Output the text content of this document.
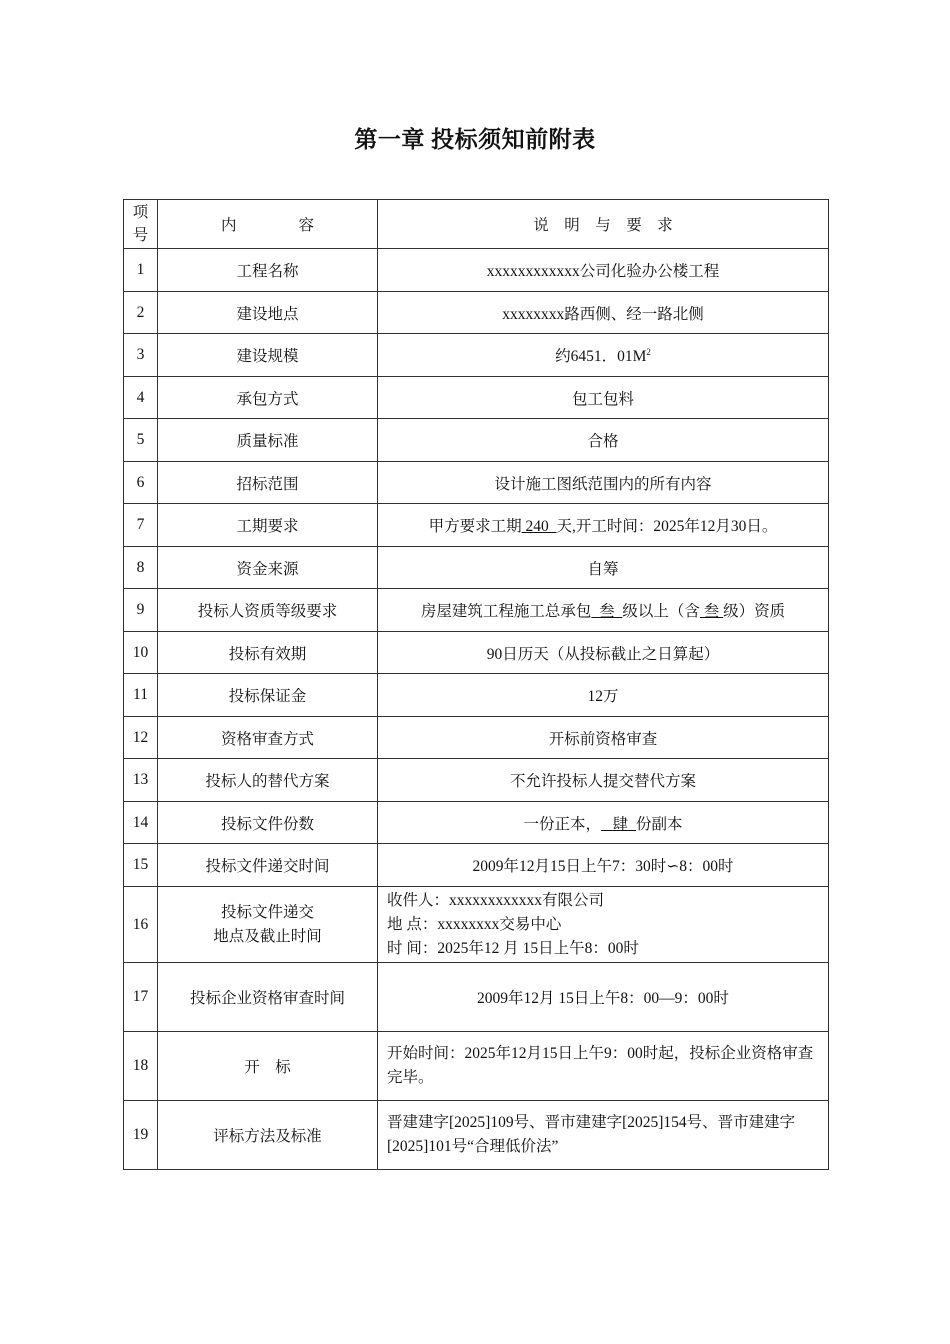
第一章 投标须知前附表
项
号	内　　　　容	说　明　与　要　求
1	工程名称	xxxxxxxxxxxx公司化验办公楼工程
2	建设地点	xxxxxxxx路西侧、经一路北侧
3	建设规模	约6451．$01M^2$
4	承包方式	包工包料
5	质量标准	合格
6	招标范围	设计施工图纸范围内的所有内容
7	工期要求	甲方要求工期 240  天,开工时间：2025年12月30日。
8	资金来源	自筹
9	投标人资质等级要求	房屋建筑工程施工总承包  叁  级以上（含 叁 级）资质
10	投标有效期	90日历天（从投标截止之日算起）
11	投标保证金	12万
12	资格审查方式	开标前资格审查
13	投标人的替代方案	不允许投标人提交替代方案
14	投标文件份数	一份正本，   肆  份副本
15	投标文件递交时间	2009年12月15日上午7：30时∽8：00时
16	投标文件递交
地点及截止时间	收件人：xxxxxxxxxxxx有限公司
地 点：xxxxxxxx交易中心
时 间：2025年12 月 15日上午8：00时
17	投标企业资格审查时间	2009年12月 15日上午8：00—9：00时
18	开　标	开始时间：2025年12月15日上午9：00时起，投标企业资格审查完毕。
19	评标方法及标准	晋建建字[2025]109号、晋市建建字[2025]154号、晋市建建字[2025]101号“合理低价法”
